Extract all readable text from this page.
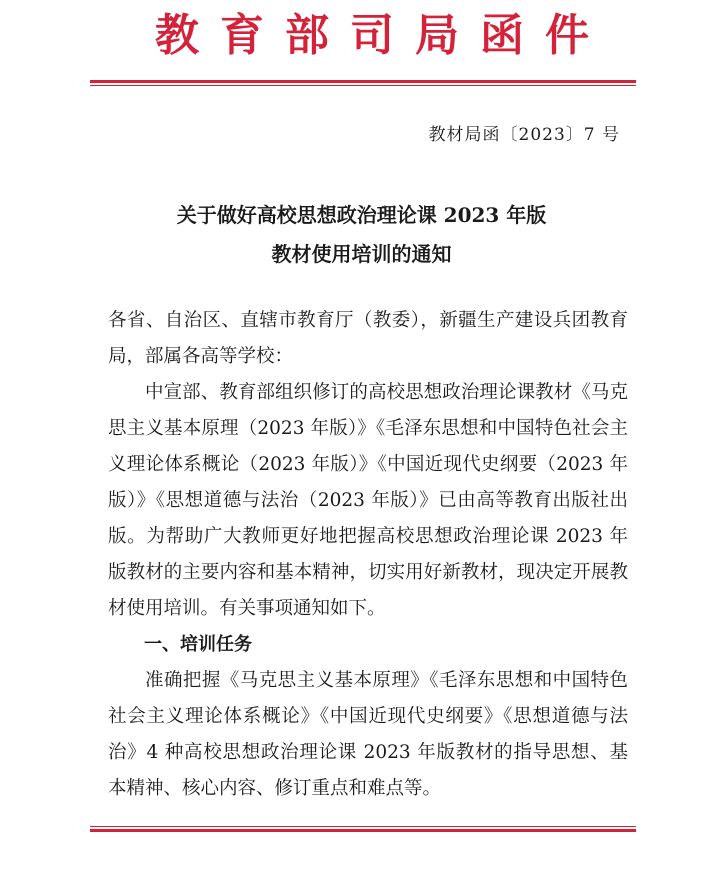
教育部司局函件
教材局函〔2023〕7 号
关于做好高校思想政治理论课 2023 年版
教材使用培训的通知

各省、自治区、直辖市教育厅（教委），新疆生产建设兵团教育局，部属各高等学校：

中宣部、教育部组织修订的高校思想政治理论课教材《马克思主义基本原理（2023 年版）》《毛泽东思想和中国特色社会主义理论体系概论（2023 年版）》《中国近现代史纲要（2023 年版）》《思想道德与法治（2023 年版）》已由高等教育出版社出版。为帮助广大教师更好地把握高校思想政治理论课 2023 年版教材的主要内容和基本精神，切实用好新教材，现决定开展教材使用培训。有关事项通知如下。

一、培训任务

准确把握《马克思主义基本原理》《毛泽东思想和中国特色社会主义理论体系概论》《中国近现代史纲要》《思想道德与法治》4 种高校思想政治理论课 2023 年版教材的指导思想、基本精神、核心内容、修订重点和难点等。
